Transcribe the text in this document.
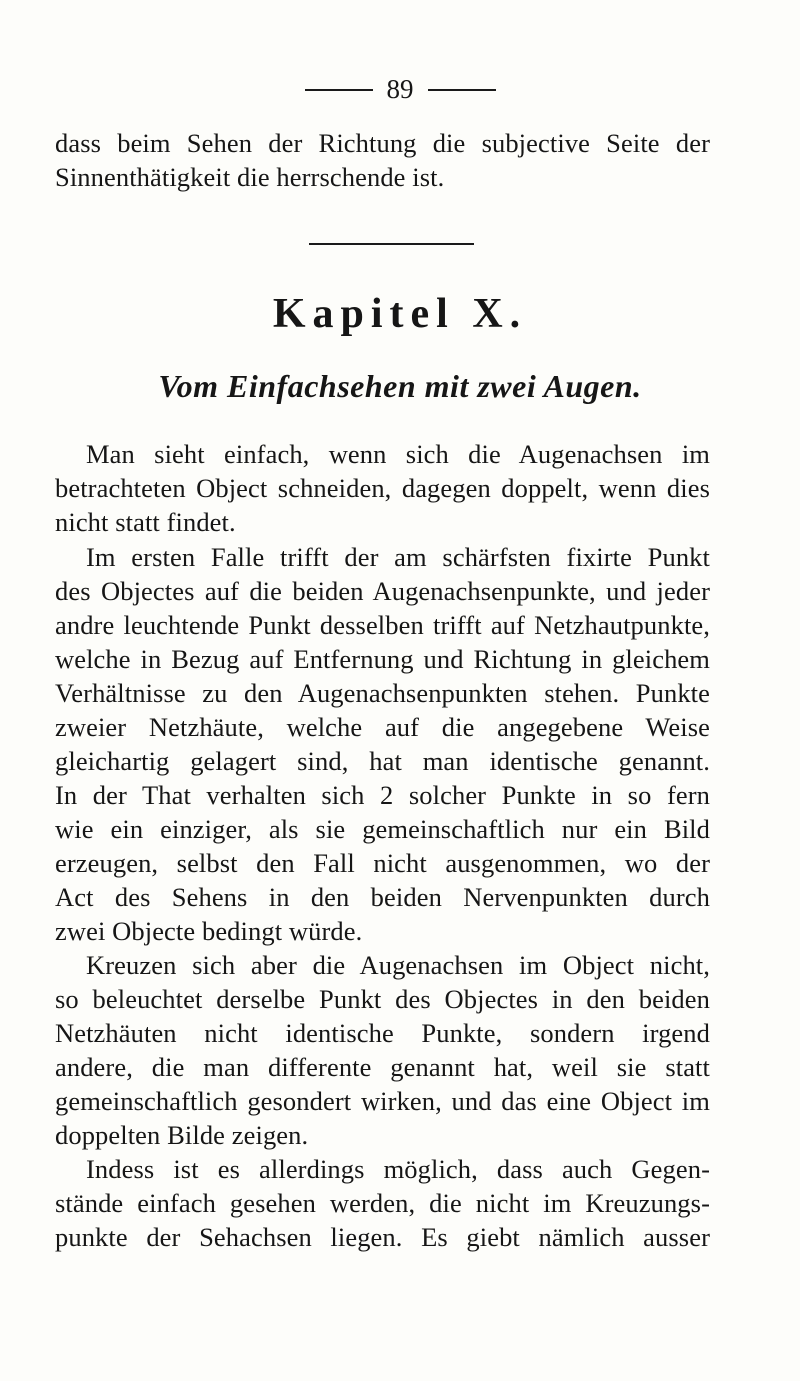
89
dass beim Sehen der Richtung die subjective Seite der
Sinnenthätigkeit die herrschende ist.
Kapitel X.
Vom Einfachsehen mit zwei Augen.
Man sieht einfach, wenn sich die Augenachsen im
betrachteten Object schneiden, dagegen doppelt, wenn dies
nicht statt findet.
Im ersten Falle trifft der am schärfsten fixirte Punkt
des Objectes auf die beiden Augenachsenpunkte, und jeder
andre leuchtende Punkt desselben trifft auf Netzhautpunkte,
welche in Bezug auf Entfernung und Richtung in gleichem
Verhältnisse zu den Augenachsenpunkten stehen. Punkte
zweier Netzhäute, welche auf die angegebene Weise
gleichartig gelagert sind, hat man identische genannt.
In der That verhalten sich 2 solcher Punkte in so fern
wie ein einziger, als sie gemeinschaftlich nur ein Bild
erzeugen, selbst den Fall nicht ausgenommen, wo der
Act des Sehens in den beiden Nervenpunkten durch
zwei Objecte bedingt würde.
Kreuzen sich aber die Augenachsen im Object nicht,
so beleuchtet derselbe Punkt des Objectes in den beiden
Netzhäuten nicht identische Punkte, sondern irgend
andere, die man differente genannt hat, weil sie statt
gemeinschaftlich gesondert wirken, und das eine Object im
doppelten Bilde zeigen.
Indess ist es allerdings möglich, dass auch Gegen-
stände einfach gesehen werden, die nicht im Kreuzungs-
punkte der Sehachsen liegen. Es giebt nämlich ausser
